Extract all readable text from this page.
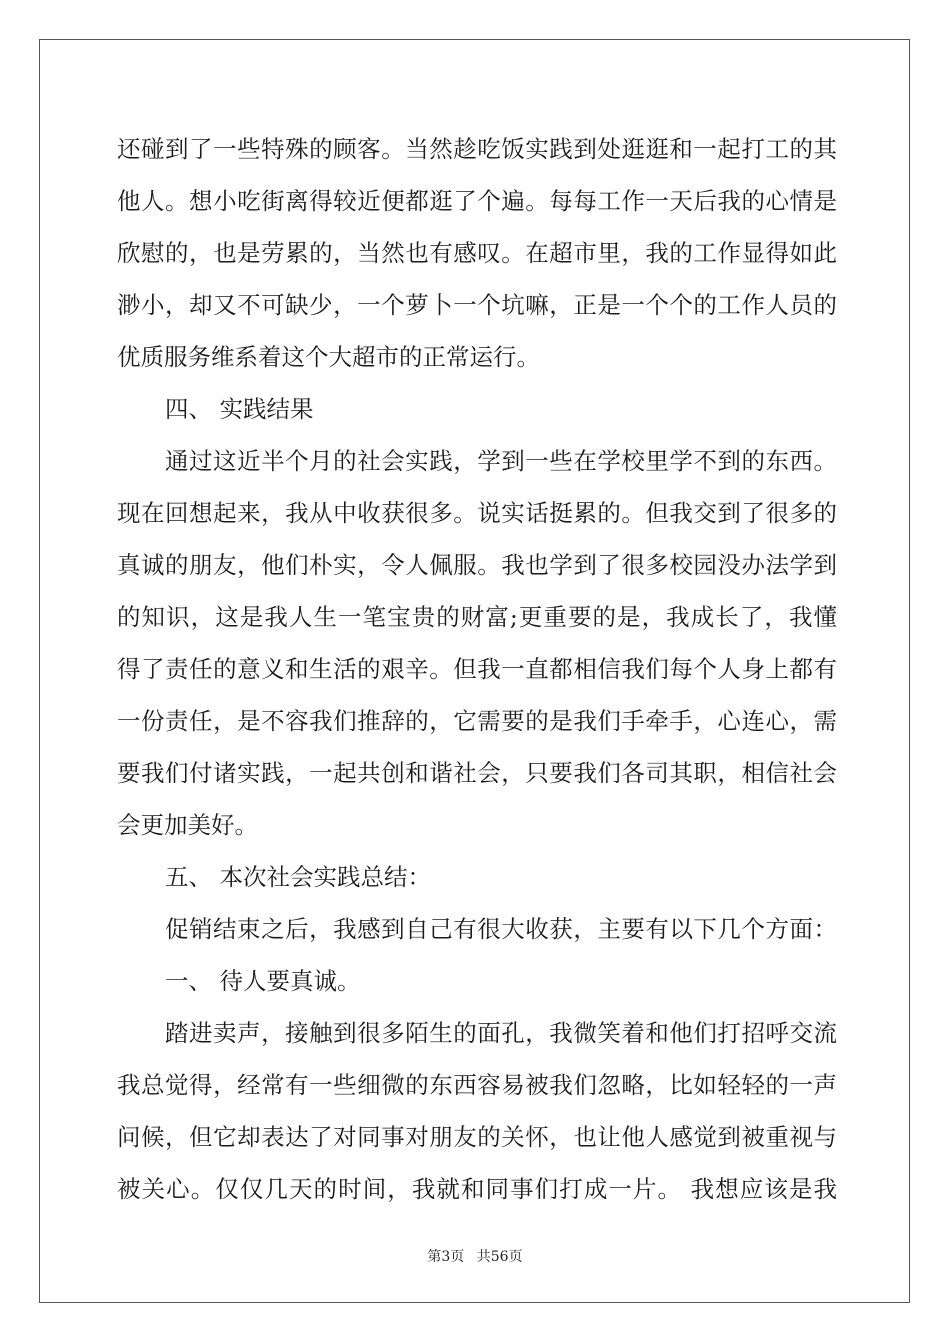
还碰到了一些特殊的顾客。当然趁吃饭实践到处逛逛和一起打工的其
他人。想小吃街离得较近便都逛了个遍。每每工作一天后我的心情是
欣慰的，也是劳累的，当然也有感叹。在超市里，我的工作显得如此
渺小，却又不可缺少，一个萝卜一个坑嘛，正是一个个的工作人员的
优质服务维系着这个大超市的正常运行。
四、 实践结果
通过这近半个月的社会实践，学到一些在学校里学不到的东西。
现在回想起来，我从中收获很多。说实话挺累的。但我交到了很多的
真诚的朋友，他们朴实，令人佩服。我也学到了很多校园没办法学到
的知识，这是我人生一笔宝贵的财富;更重要的是，我成长了，我懂
得了责任的意义和生活的艰辛。但我一直都相信我们每个人身上都有
一份责任，是不容我们推辞的，它需要的是我们手牵手，心连心，需
要我们付诸实践，一起共创和谐社会，只要我们各司其职，相信社会
会更加美好。
五、 本次社会实践总结：
促销结束之后，我感到自己有很大收获，主要有以下几个方面：
一、 待人要真诚。
踏进卖声，接触到很多陌生的面孔，我微笑着和他们打招呼交流
我总觉得，经常有一些细微的东西容易被我们忽略，比如轻轻的一声
问候，但它却表达了对同事对朋友的关怀，也让他人感觉到被重视与
被关心。仅仅几天的时间，我就和同事们打成一片。 我想应该是我
第3页 共56页
